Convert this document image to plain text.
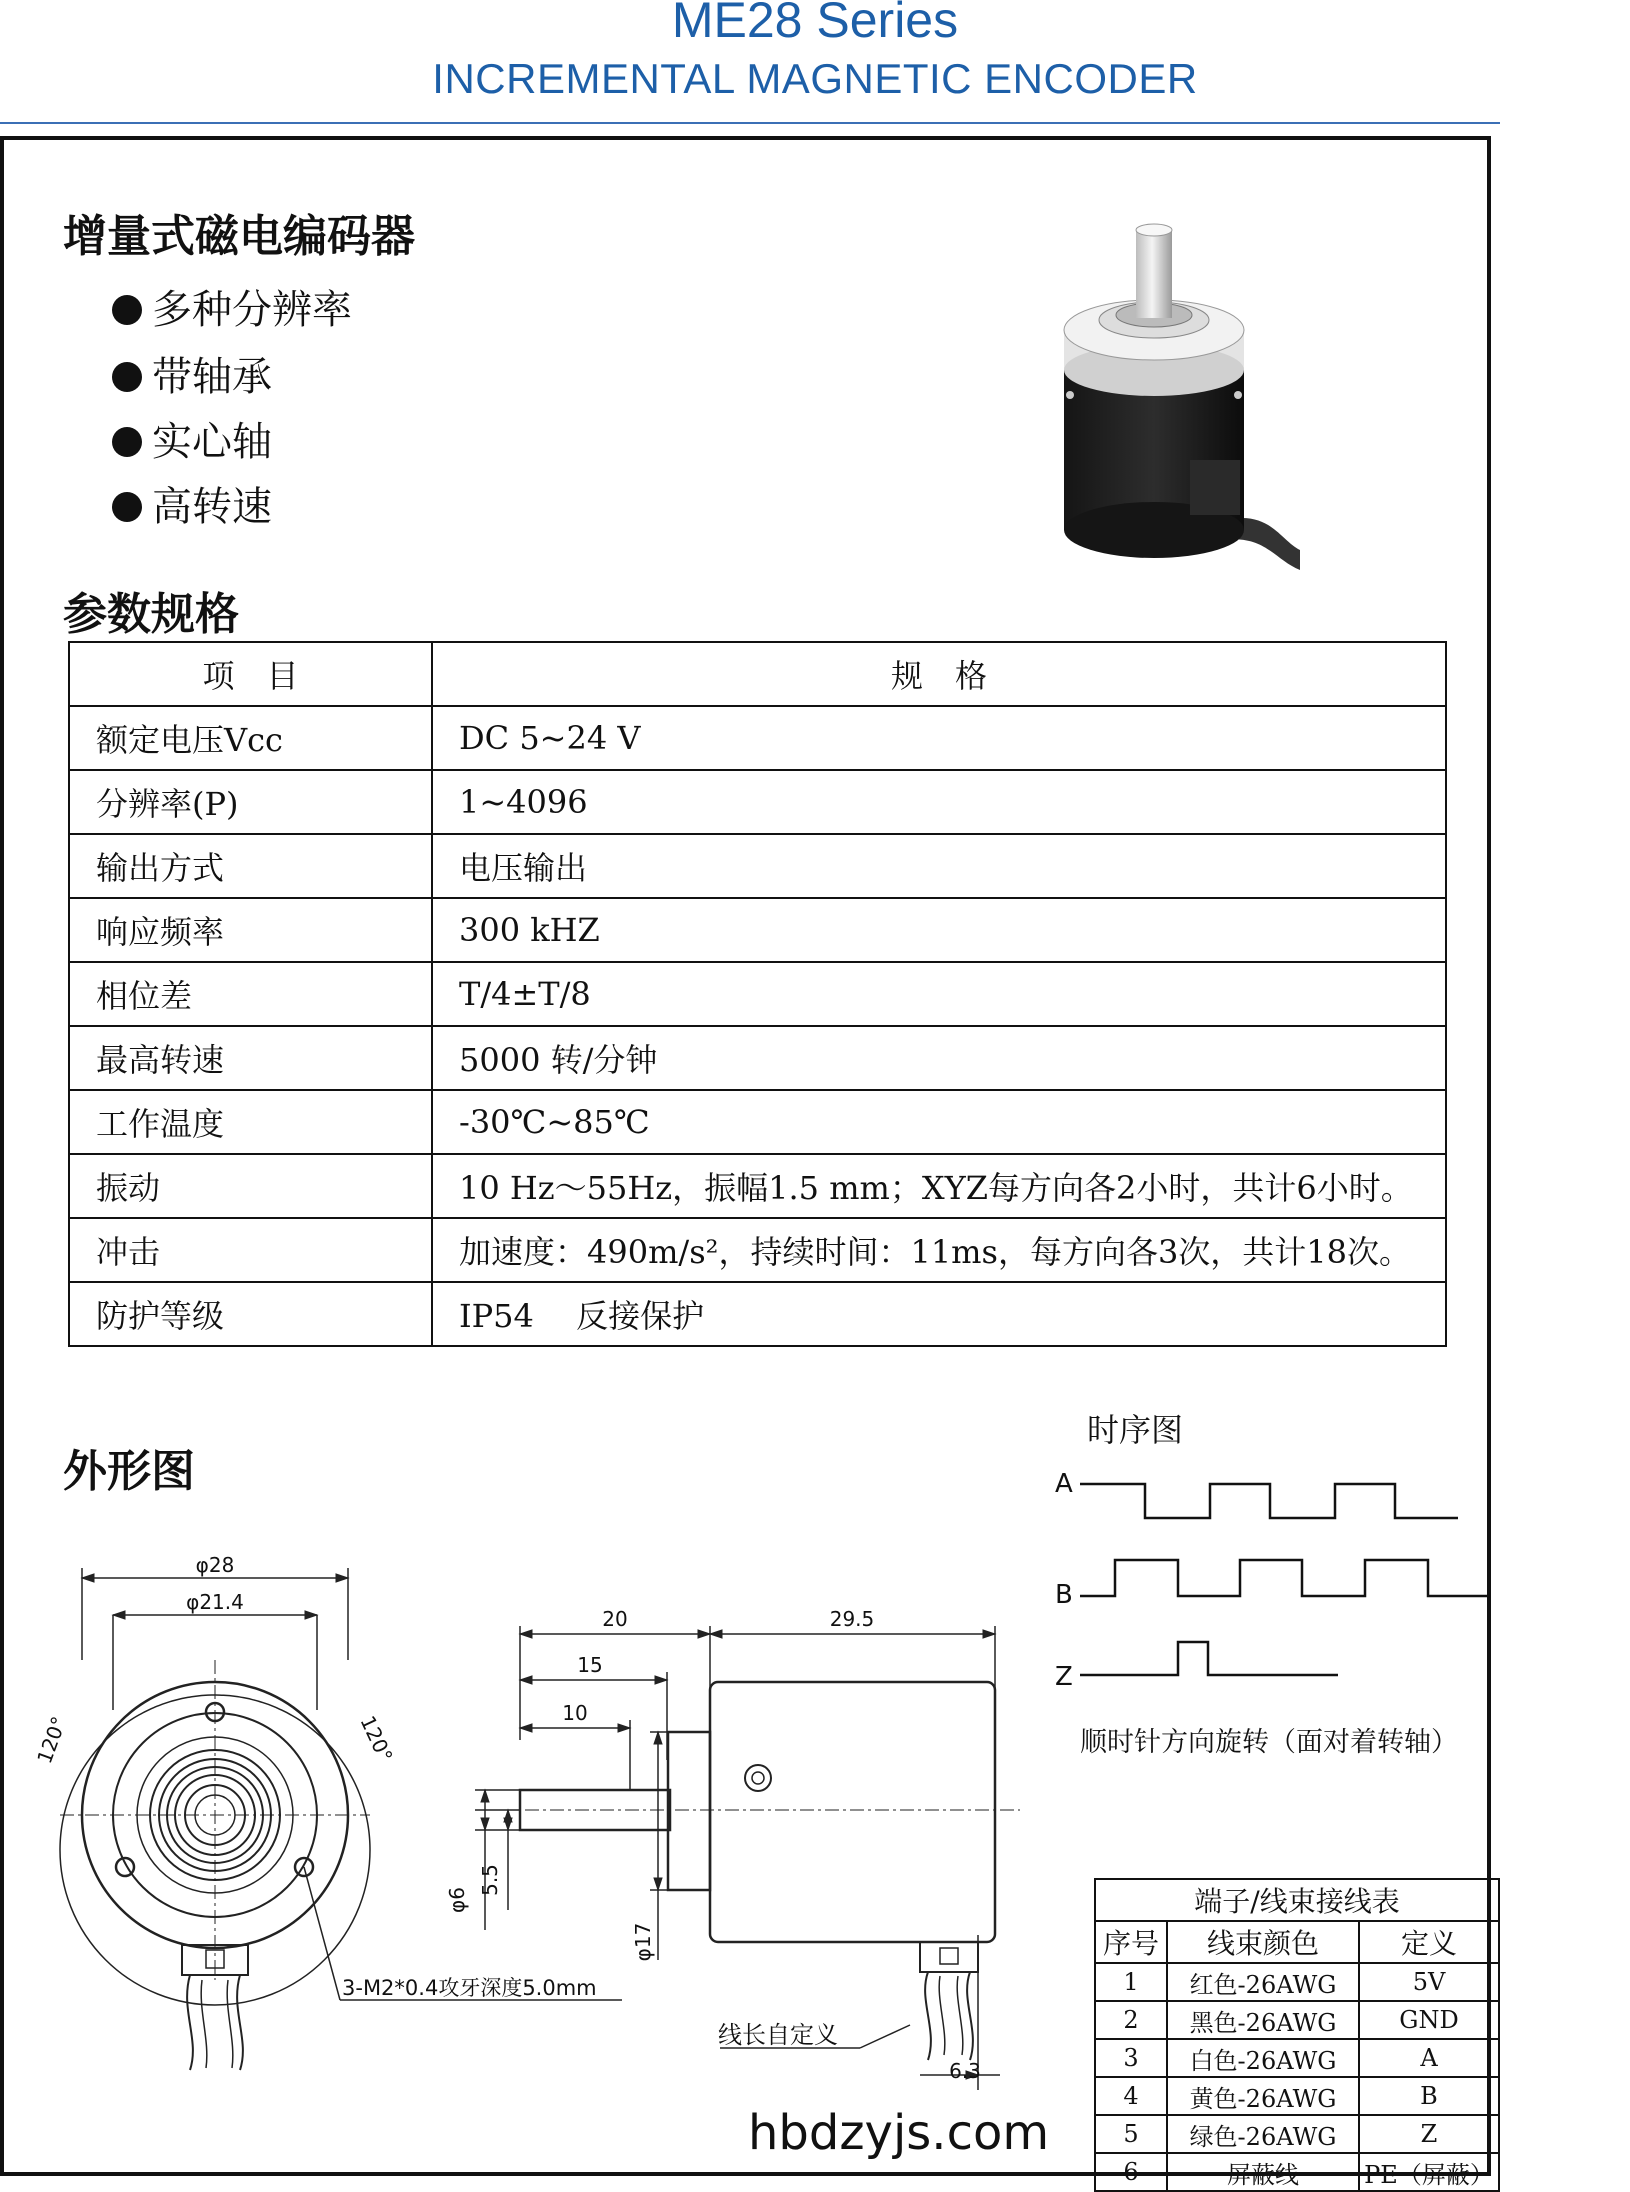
ME28 Series
INCREMENTAL MAGNETIC ENCODER
增量式磁电编码器
多种分辨率
带轴承
实心轴
高转速
参数规格
项　目	规　格
额定电压Vcc	DC 5~24 V
分辨率(P)	1~4096
输出方式	电压输出
响应频率	300 kHZ
相位差	T/4±T/8
最高转速	5000 转/分钟
工作温度	-30℃~85℃
振动	10 Hz～55Hz，振幅1.5 mm；XYZ每方向各2小时，共计6小时。
冲击	加速度：490m/s²，持续时间：11ms，每方向各3次，共计18次。
防护等级	IP54　 反接保护
外形图
φ28
φ21.4
120°	120°
3-M2*0.4攻牙深度5.0mm
20	29.5
15
10
φ6
5.5
φ17
6.3
线长自定义
时序图
A
B
Z
顺时针方向旋转（面对着转轴）
端子/线束接线表		
序号	线束颜色	定义
1	红色-26AWG	5V
2	黑色-26AWG	GND
3	白色-26AWG	A
4	黄色-26AWG	B
5	绿色-26AWG	Z
6	屏蔽线	PE（屏蔽）
hbdzyjs.com
